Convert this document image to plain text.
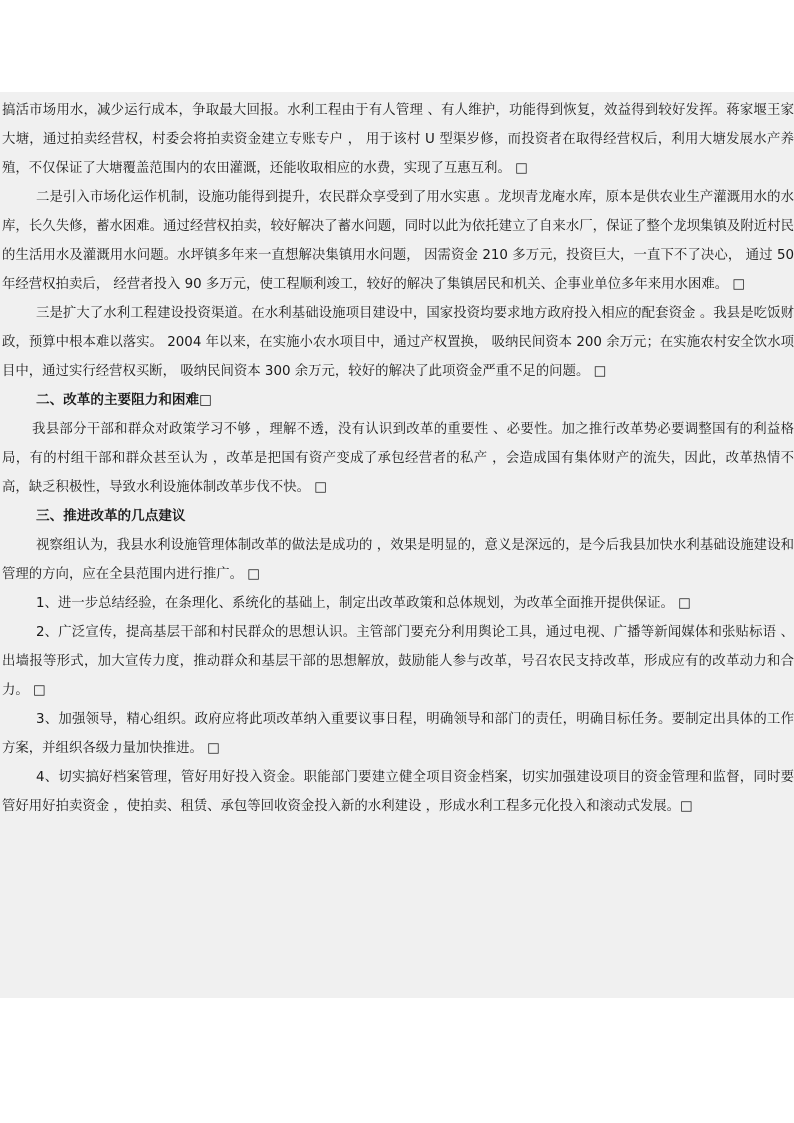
搞活市场用水，减少运行成本，争取最大回报。水利工程由于有人管理 、有人维护，功能得到恢复，效益得到较好发挥。蒋家堰王家大塘，通过拍卖经营权，村委会将拍卖资金建立专账专户 ， 用于该村 U 型渠岁修，而投资者在取得经营权后，利用大塘发展水产养殖，不仅保证了大塘覆盖范围内的农田灌溉，还能收取相应的水费，实现了互惠互利。 □

二是引入市场化运作机制，设施功能得到提升，农民群众享受到了用水实惠 。龙坝青龙庵水库，原本是供农业生产灌溉用水的水库，长久失修，蓄水困难。通过经营权拍卖，较好解决了蓄水问题，同时以此为依托建立了自来水厂，保证了整个龙坝集镇及附近村民的生活用水及灌溉用水问题。水坪镇多年来一直想解决集镇用水问题， 因需资金 210 多万元，投资巨大，一直下不了决心， 通过 50 年经营权拍卖后， 经营者投入 90 多万元，使工程顺利竣工，较好的解决了集镇居民和机关、企事业单位多年来用水困难。 □

三是扩大了水利工程建设投资渠道。在水利基础设施项目建设中，国家投资均要求地方政府投入相应的配套资金 。我县是吃饭财政，预算中根本难以落实。 2004 年以来，在实施小农水项目中，通过产权置换， 吸纳民间资本 200 余万元；在实施农村安全饮水项目中，通过实行经营权买断， 吸纳民间资本 300 余万元，较好的解决了此项资金严重不足的问题。 □

二、改革的主要阻力和困难□

我县部分干部和群众对政策学习不够 ，理解不透，没有认识到改革的重要性 、必要性。加之推行改革势必要调整国有的利益格局，有的村组干部和群众甚至认为 ，改革是把国有资产变成了承包经营者的私产 ，会造成国有集体财产的流失，因此，改革热情不高，缺乏积极性，导致水利设施体制改革步伐不快。 □

三、推进改革的几点建议

视察组认为，我县水利设施管理体制改革的做法是成功的 ，效果是明显的，意义是深远的，是今后我县加快水利基础设施建设和管理的方向，应在全县范围内进行推广。 □

1、进一步总结经验，在条理化、系统化的基础上，制定出改革政策和总体规划，为改革全面推开提供保证。 □

2、广泛宣传，提高基层干部和村民群众的思想认识。主管部门要充分利用舆论工具，通过电视、广播等新闻媒体和张贴标语 、出墙报等形式，加大宣传力度，推动群众和基层干部的思想解放，鼓励能人参与改革，号召农民支持改革，形成应有的改革动力和合力。 □

3、加强领导，精心组织。政府应将此项改革纳入重要议事日程，明确领导和部门的责任，明确目标任务。要制定出具体的工作方案，并组织各级力量加快推进。 □

4、切实搞好档案管理，管好用好投入资金。职能部门要建立健全项目资金档案，切实加强建设项目的资金管理和监督，同时要管好用好拍卖资金 ，使拍卖、租赁、承包等回收资金投入新的水利建设 ，形成水利工程多元化投入和滚动式发展。□
